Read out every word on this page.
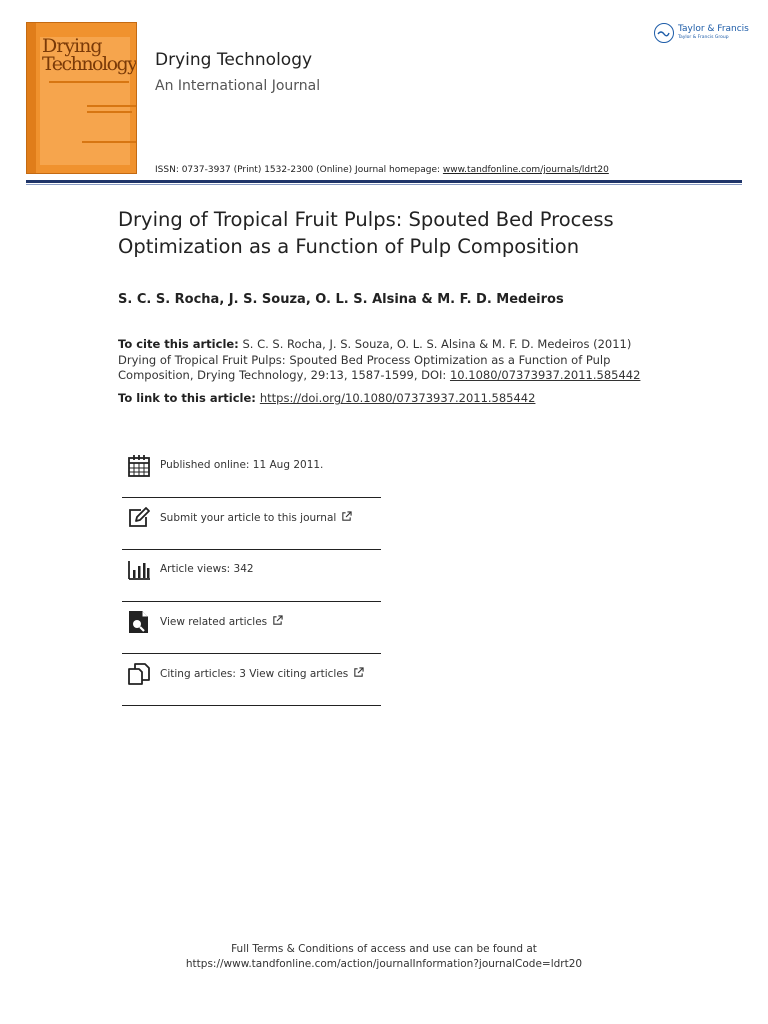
Drying
Technology Drying Technology
An International Journal
ISSN: 0737-3937 (Print) 1532-2300 (Online) Journal homepage: www.tandfonline.com/journals/ldrt20
Taylor & Francis
Taylor & Francis Group
Drying of Tropical Fruit Pulps: Spouted Bed Process Optimization as a Function of Pulp Composition
S. C. S. Rocha, J. S. Souza, O. L. S. Alsina & M. F. D. Medeiros
To cite this article: S. C. S. Rocha, J. S. Souza, O. L. S. Alsina & M. F. D. Medeiros (2011) Drying of Tropical Fruit Pulps: Spouted Bed Process Optimization as a Function of Pulp Composition, Drying Technology, 29:13, 1587-1599, DOI: 10.1080/07373937.2011.585442
To link to this article: https://doi.org/10.1080/07373937.2011.585442
Published online: 11 Aug 2011.
Submit your article to this journal
Article views: 342
View related articles
Citing articles: 3 View citing articles
Full Terms & Conditions of access and use can be found at
https://www.tandfonline.com/action/journalInformation?journalCode=ldrt20
